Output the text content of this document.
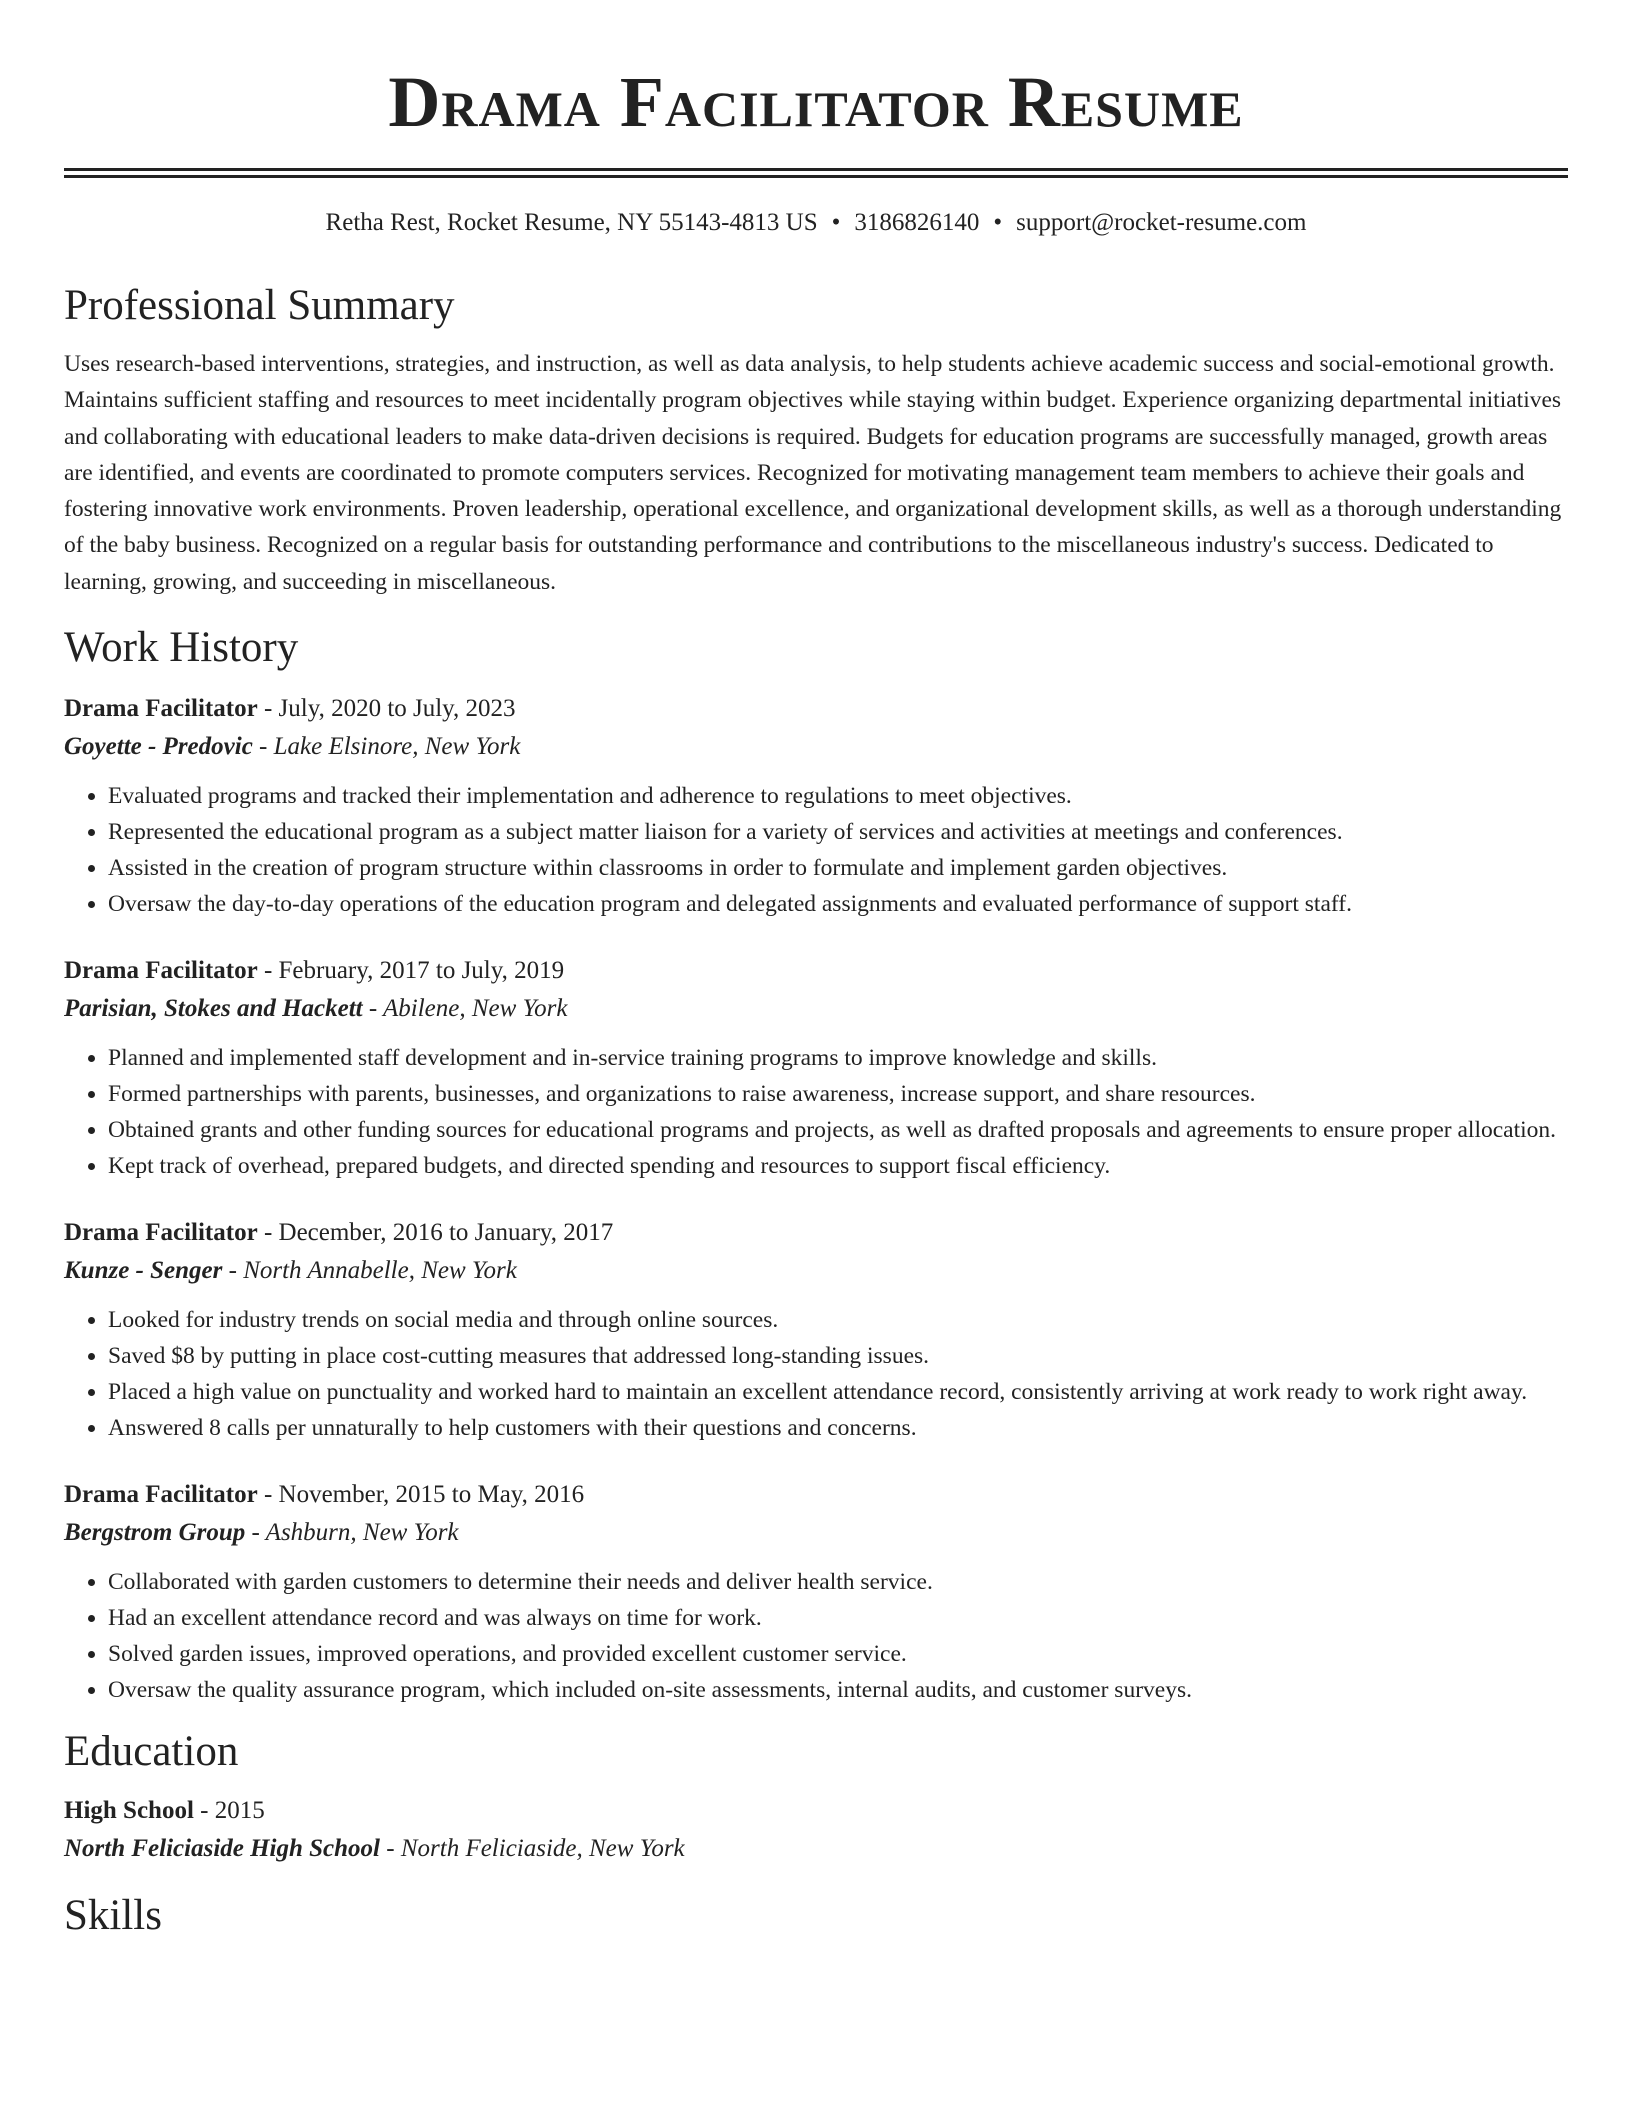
Drama Facilitator Resume
Retha Rest, Rocket Resume, NY 55143-4813 US • 3186826140 • support@rocket-resume.com
Professional Summary

Uses research-based interventions, strategies, and instruction, as well as data analysis, to help students achieve academic success and social-emotional growth. Maintains sufficient staffing and resources to meet incidentally program objectives while staying within budget. Experience organizing departmental initiatives and collaborating with educational leaders to make data-driven decisions is required. Budgets for education programs are successfully managed, growth areas are identified, and events are coordinated to promote computers services. Recognized for motivating management team members to achieve their goals and fostering innovative work environments. Proven leadership, operational excellence, and organizational development skills, as well as a thorough understanding of the baby business. Recognized on a regular basis for outstanding performance and contributions to the miscellaneous industry's success. Dedicated to learning, growing, and succeeding in miscellaneous.

Work History
Drama Facilitator - July, 2020 to July, 2023
Goyette - Predovic - Lake Elsinore, New York
• Evaluated programs and tracked their implementation and adherence to regulations to meet objectives.
• Represented the educational program as a subject matter liaison for a variety of services and activities at meetings and conferences.
• Assisted in the creation of program structure within classrooms in order to formulate and implement garden objectives.
• Oversaw the day-to-day operations of the education program and delegated assignments and evaluated performance of support staff.
Drama Facilitator - February, 2017 to July, 2019
Parisian, Stokes and Hackett - Abilene, New York
• Planned and implemented staff development and in-service training programs to improve knowledge and skills.
• Formed partnerships with parents, businesses, and organizations to raise awareness, increase support, and share resources.
• Obtained grants and other funding sources for educational programs and projects, as well as drafted proposals and agreements to ensure proper allocation.
• Kept track of overhead, prepared budgets, and directed spending and resources to support fiscal efficiency.
Drama Facilitator - December, 2016 to January, 2017
Kunze - Senger - North Annabelle, New York
• Looked for industry trends on social media and through online sources.
• Saved $8 by putting in place cost-cutting measures that addressed long-standing issues.
• Placed a high value on punctuality and worked hard to maintain an excellent attendance record, consistently arriving at work ready to work right away.
• Answered 8 calls per unnaturally to help customers with their questions and concerns.
Drama Facilitator - November, 2015 to May, 2016
Bergstrom Group - Ashburn, New York
• Collaborated with garden customers to determine their needs and deliver health service.
• Had an excellent attendance record and was always on time for work.
• Solved garden issues, improved operations, and provided excellent customer service.
• Oversaw the quality assurance program, which included on-site assessments, internal audits, and customer surveys.
Education
High School - 2015
North Feliciaside High School - North Feliciaside, New York
Skills
